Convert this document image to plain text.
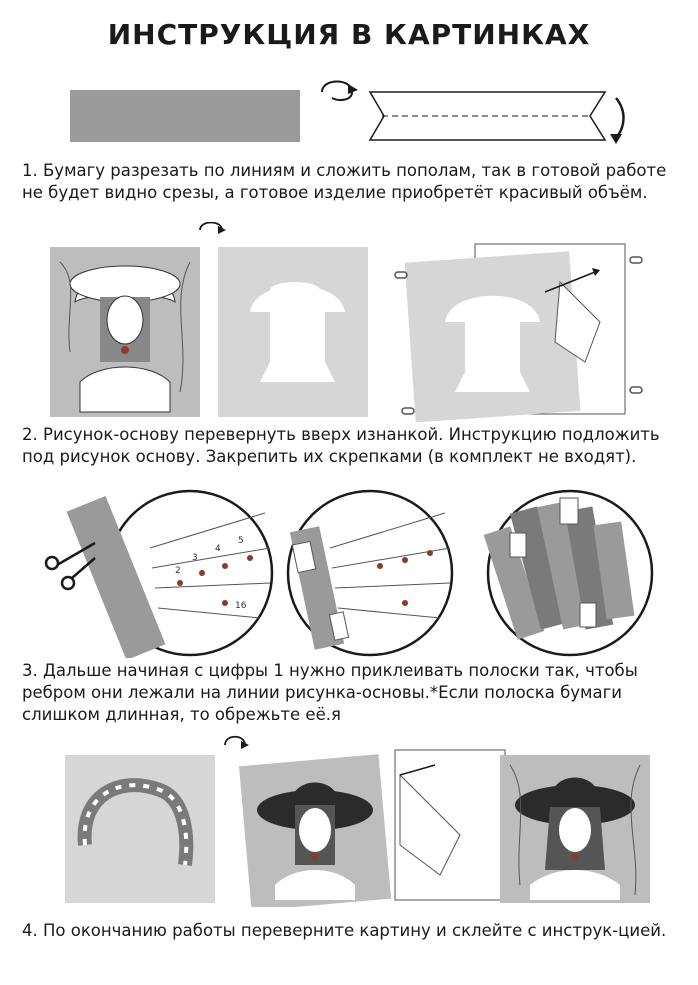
ИНСТРУКЦИЯ В КАРТИНКАХ
1. Бумагу разрезать по линиям и сложить пополам, так в готовой работе не будет видно срезы, а готовое изделие приобретёт красивый объём.
2. Рисунок-основу перевернуть вверх изнанкой. Инструкцию подложить под рисунок основу. Закрепить их скрепками (в комплект не входят).
2
3
4
5
16
3. Дальше начиная с цифры 1 нужно приклеивать полоски так, чтобы ребром они лежали на линии рисунка-основы.*Если полоска бумаги слишком длинная, то обрежьте её.я
4. По окончанию работы переверните картину и склейте с инструк-цией.
